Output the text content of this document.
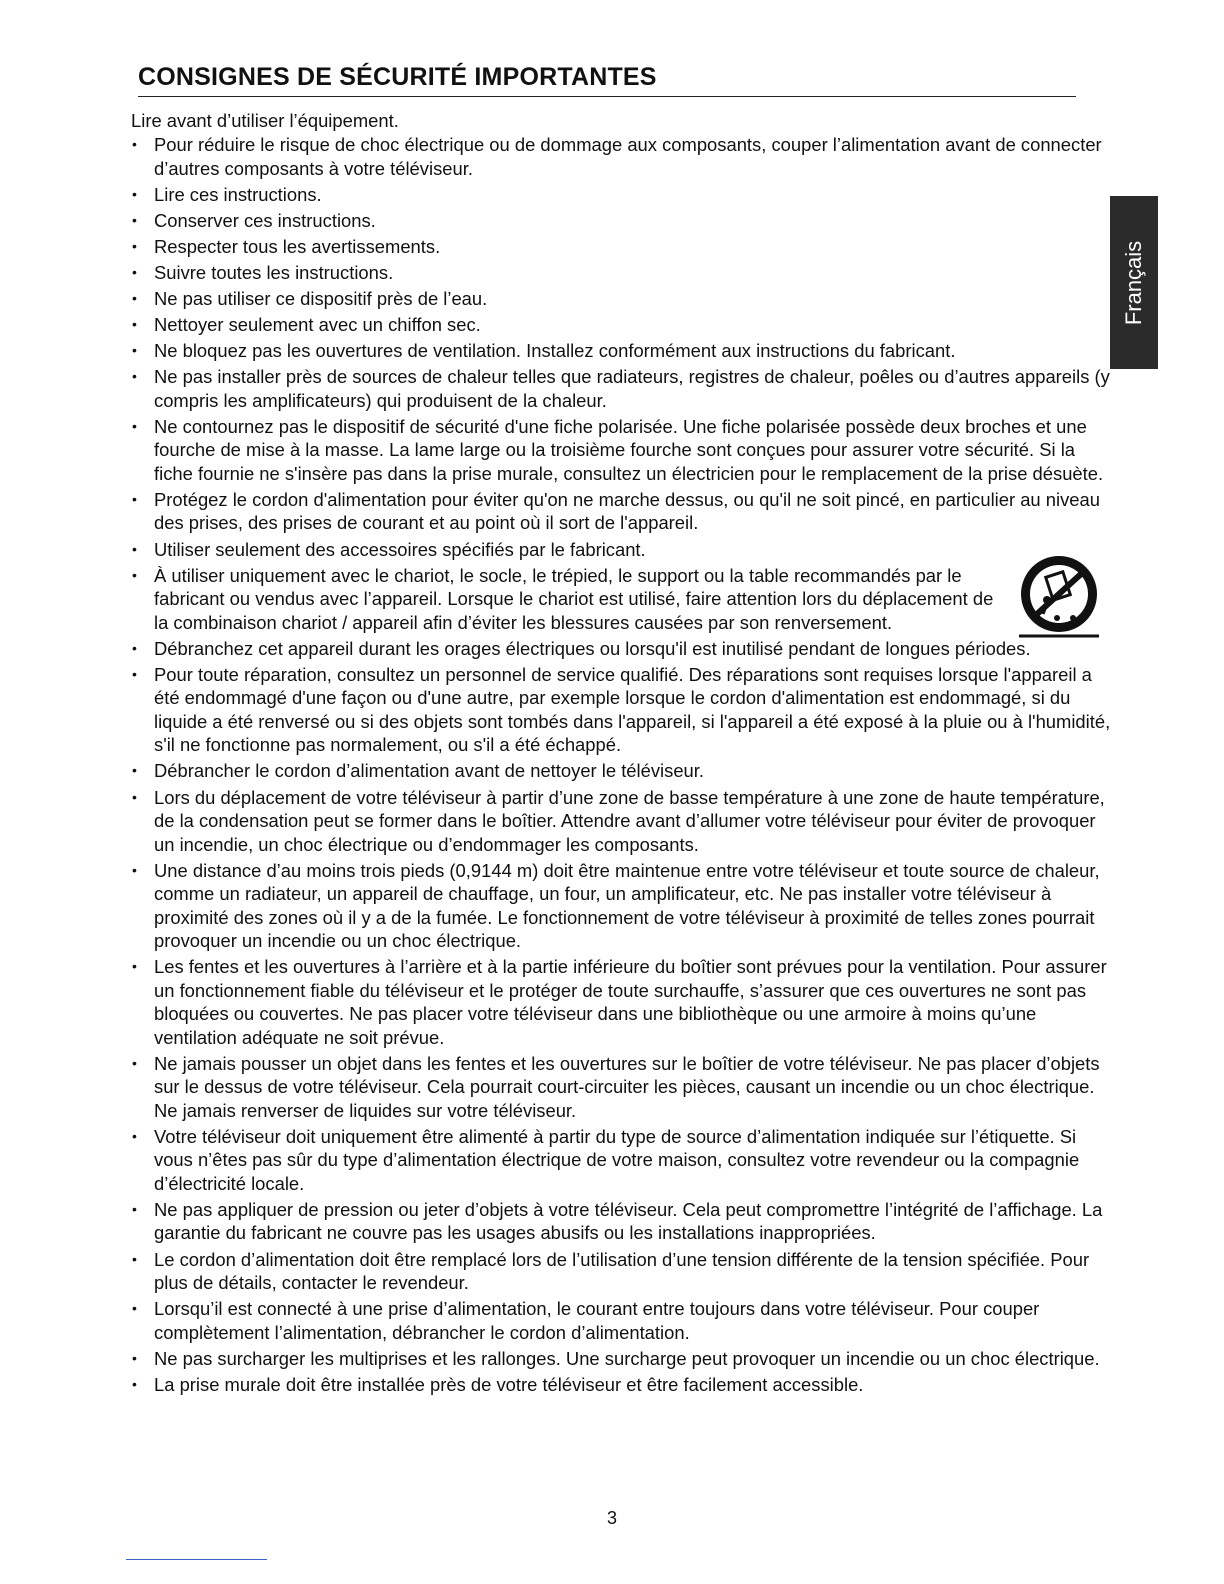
CONSIGNES DE SÉCURITÉ IMPORTANTES

Lire avant d’utiliser l’équipement.

• Pour réduire le risque de choc électrique ou de dommage aux composants, couper l’alimentation avant de connecter d’autres composants à votre téléviseur.
• Lire ces instructions.
• Conserver ces instructions.
• Respecter tous les avertissements.
• Suivre toutes les instructions.
• Ne pas utiliser ce dispositif près de l’eau.
• Nettoyer seulement avec un chiffon sec.
• Ne bloquez pas les ouvertures de ventilation. Installez conformément aux instructions du fabricant.
• Ne pas installer près de sources de chaleur telles que radiateurs, registres de chaleur, poêles ou d’autres appareils (y compris les amplificateurs) qui produisent de la chaleur.
• Ne contournez pas le dispositif de sécurité d'une fiche polarisée. Une fiche polarisée possède deux broches et une fourche de mise à la masse. La lame large ou la troisième fourche sont conçues pour assurer votre sécurité. Si la fiche fournie ne s'insère pas dans la prise murale, consultez un électricien pour le remplacement de la prise désuète.
• Protégez le cordon d'alimentation pour éviter qu'on ne marche dessus, ou qu'il ne soit pincé, en particulier au niveau des prises, des prises de courant et au point où il sort de l'appareil.
• Utiliser seulement des accessoires spécifiés par le fabricant.
• À utiliser uniquement avec le chariot, le socle, le trépied, le support ou la table recommandés par le fabricant ou vendus avec l’appareil. Lorsque le chariot est utilisé, faire attention lors du déplacement de la combinaison chariot / appareil afin d’éviter les blessures causées par son renversement.
• Débranchez cet appareil durant les orages électriques ou lorsqu'il est inutilisé pendant de longues périodes.
• Pour toute réparation, consultez un personnel de service qualifié. Des réparations sont requises lorsque l'appareil a été endommagé d'une façon ou d'une autre, par exemple lorsque le cordon d'alimentation est endommagé, si du liquide a été renversé ou si des objets sont tombés dans l'appareil, si l'appareil a été exposé à la pluie ou à l'humidité, s'il ne fonctionne pas normalement, ou s'il a été échappé.
• Débrancher le cordon d’alimentation avant de nettoyer le téléviseur.
• Lors du déplacement de votre téléviseur à partir d’une zone de basse température à une zone de haute température, de la condensation peut se former dans le boîtier. Attendre avant d’allumer votre téléviseur pour éviter de provoquer un incendie, un choc électrique ou d’endommager les composants.
• Une distance d’au moins trois pieds (0,9144 m) doit être maintenue entre votre téléviseur et toute source de chaleur, comme un radiateur, un appareil de chauffage, un four, un amplificateur, etc. Ne pas installer votre téléviseur à proximité des zones où il y a de la fumée. Le fonctionnement de votre téléviseur à proximité de telles zones pourrait provoquer un incendie ou un choc électrique.
• Les fentes et les ouvertures à l’arrière et à la partie inférieure du boîtier sont prévues pour la ventilation. Pour assurer un fonctionnement fiable du téléviseur et le protéger de toute surchauffe, s’assurer que ces ouvertures ne sont pas bloquées ou couvertes. Ne pas placer votre téléviseur dans une bibliothèque ou une armoire à moins qu’une ventilation adéquate ne soit prévue.
• Ne jamais pousser un objet dans les fentes et les ouvertures sur le boîtier de votre téléviseur. Ne pas placer d’objets sur le dessus de votre téléviseur. Cela pourrait court-circuiter les pièces, causant un incendie ou un choc électrique. Ne jamais renverser de liquides sur votre téléviseur.
• Votre téléviseur doit uniquement être alimenté à partir du type de source d’alimentation indiquée sur l’étiquette. Si vous n’êtes pas sûr du type d’alimentation électrique de votre maison, consultez votre revendeur ou la compagnie d’électricité locale.
• Ne pas appliquer de pression ou jeter d’objets à votre téléviseur. Cela peut compromettre l’intégrité de l’affichage. La garantie du fabricant ne couvre pas les usages abusifs ou les installations inappropriées.
• Le cordon d’alimentation doit être remplacé lors de l’utilisation d’une tension différente de la tension spécifiée. Pour plus de détails, contacter le revendeur.
• Lorsqu’il est connecté à une prise d’alimentation, le courant entre toujours dans votre téléviseur. Pour couper complètement l’alimentation, débrancher le cordon d’alimentation.
• Ne pas surcharger les multiprises et les rallonges. Une surcharge peut provoquer un incendie ou un choc électrique.
• La prise murale doit être installée près de votre téléviseur et être facilement accessible.
Français
3
